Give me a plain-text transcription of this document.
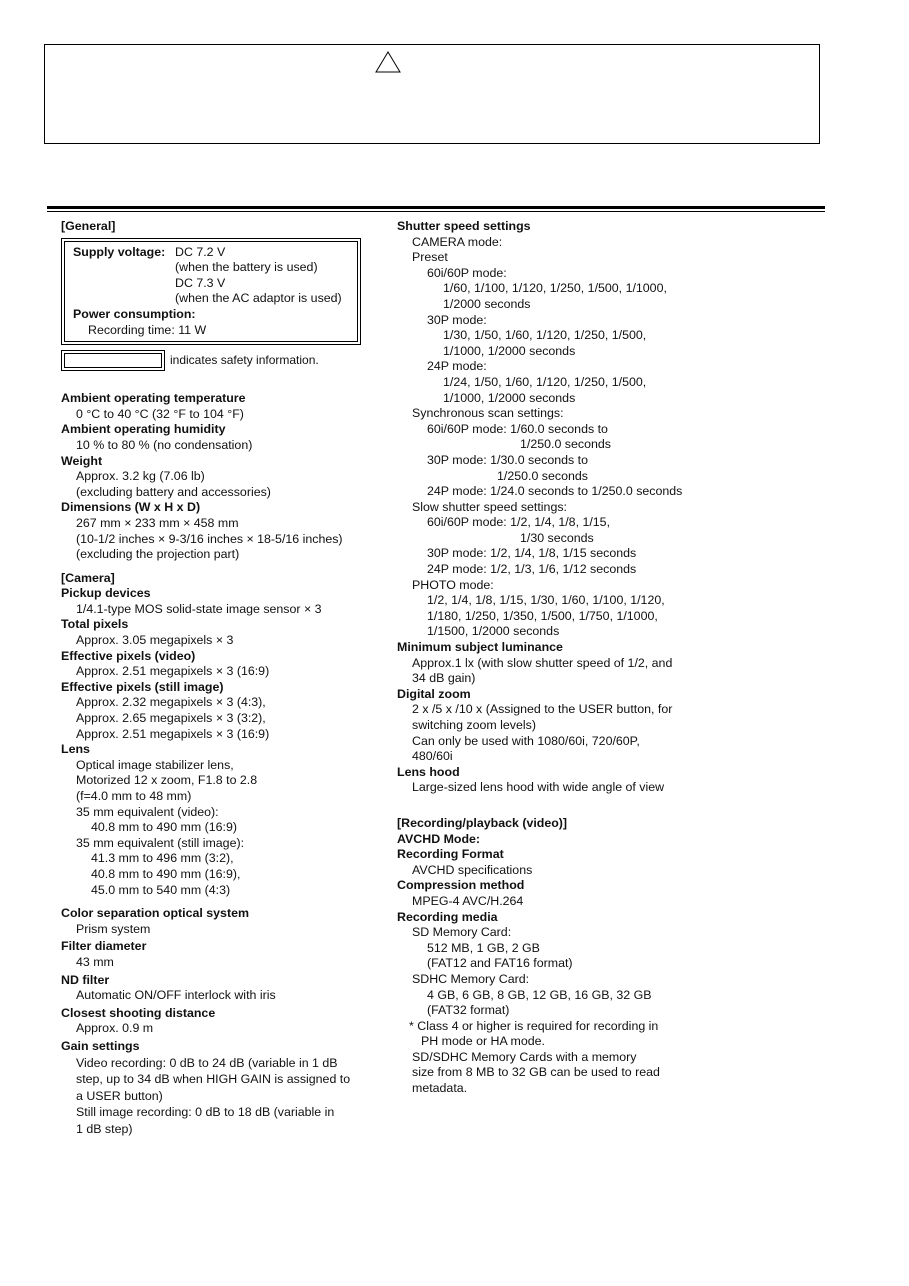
[General]
Supply voltage: DC 7.2 V
(when the battery is used)
DC 7.3 V
(when the AC adaptor is used)
Power consumption:
Recording time: 11 W
indicates safety information.
Ambient operating temperature
0 °C to 40 °C (32 °F to 104 °F)
Ambient operating humidity
10 % to 80 % (no condensation)
Weight
Approx. 3.2 kg (7.06 lb)
(excluding battery and accessories)
Dimensions (W x H x D)
267 mm × 233 mm × 458 mm
(10-1/2 inches × 9-3/16 inches × 18-5/16 inches)
(excluding the projection part)
[Camera]
Pickup devices
1/4.1-type MOS solid-state image sensor × 3
Total pixels
Approx. 3.05 megapixels × 3
Effective pixels (video)
Approx. 2.51 megapixels × 3 (16:9)
Effective pixels (still image)
Approx. 2.32 megapixels × 3 (4:3),
Approx. 2.65 megapixels × 3 (3:2),
Approx. 2.51 megapixels × 3 (16:9)
Lens
Optical image stabilizer lens,
Motorized 12 x zoom, F1.8 to 2.8
(f=4.0 mm to 48 mm)
35 mm equivalent (video):
40.8 mm to 490 mm (16:9)
35 mm equivalent (still image):
41.3 mm to 496 mm (3:2),
40.8 mm to 490 mm (16:9),
45.0 mm to 540 mm (4:3)
Color separation optical system
Prism system
Filter diameter
43 mm
ND filter
Automatic ON/OFF interlock with iris
Closest shooting distance
Approx. 0.9 m
Gain settings
Video recording: 0 dB to 24 dB (variable in 1 dB
step, up to 34 dB when HIGH GAIN is assigned to
a USER button)
Still image recording: 0 dB to 18 dB (variable in
1 dB step)
Shutter speed settings
CAMERA mode:
Preset
60i/60P mode:
1/60, 1/100, 1/120, 1/250, 1/500, 1/1000,
1/2000 seconds
30P mode:
1/30, 1/50, 1/60, 1/120, 1/250, 1/500,
1/1000, 1/2000 seconds
24P mode:
1/24, 1/50, 1/60, 1/120, 1/250, 1/500,
1/1000, 1/2000 seconds
Synchronous scan settings:
60i/60P mode: 1/60.0 seconds to
1/250.0 seconds
30P mode: 1/30.0 seconds to
1/250.0 seconds
24P mode: 1/24.0 seconds to 1/250.0 seconds
Slow shutter speed settings:
60i/60P mode: 1/2, 1/4, 1/8, 1/15,
1/30 seconds
30P mode: 1/2, 1/4, 1/8, 1/15 seconds
24P mode: 1/2, 1/3, 1/6, 1/12 seconds
PHOTO mode:
1/2, 1/4, 1/8, 1/15, 1/30, 1/60, 1/100, 1/120,
1/180, 1/250, 1/350, 1/500, 1/750, 1/1000,
1/1500, 1/2000 seconds
Minimum subject luminance
Approx.1 lx (with slow shutter speed of 1/2, and
34 dB gain)
Digital zoom
2 x /5 x /10 x (Assigned to the USER button, for
switching zoom levels)
Can only be used with 1080/60i, 720/60P,
480/60i
Lens hood
Large-sized lens hood with wide angle of view
[Recording/playback (video)]
AVCHD Mode:
Recording Format
AVCHD specifications
Compression method
MPEG-4 AVC/H.264
Recording media
SD Memory Card:
512 MB, 1 GB, 2 GB
(FAT12 and FAT16 format)
SDHC Memory Card:
4 GB, 6 GB, 8 GB, 12 GB, 16 GB, 32 GB
(FAT32 format)
* Class 4 or higher is required for recording in
PH mode or HA mode.
SD/SDHC Memory Cards with a memory
size from 8 MB to 32 GB can be used to read
metadata.
